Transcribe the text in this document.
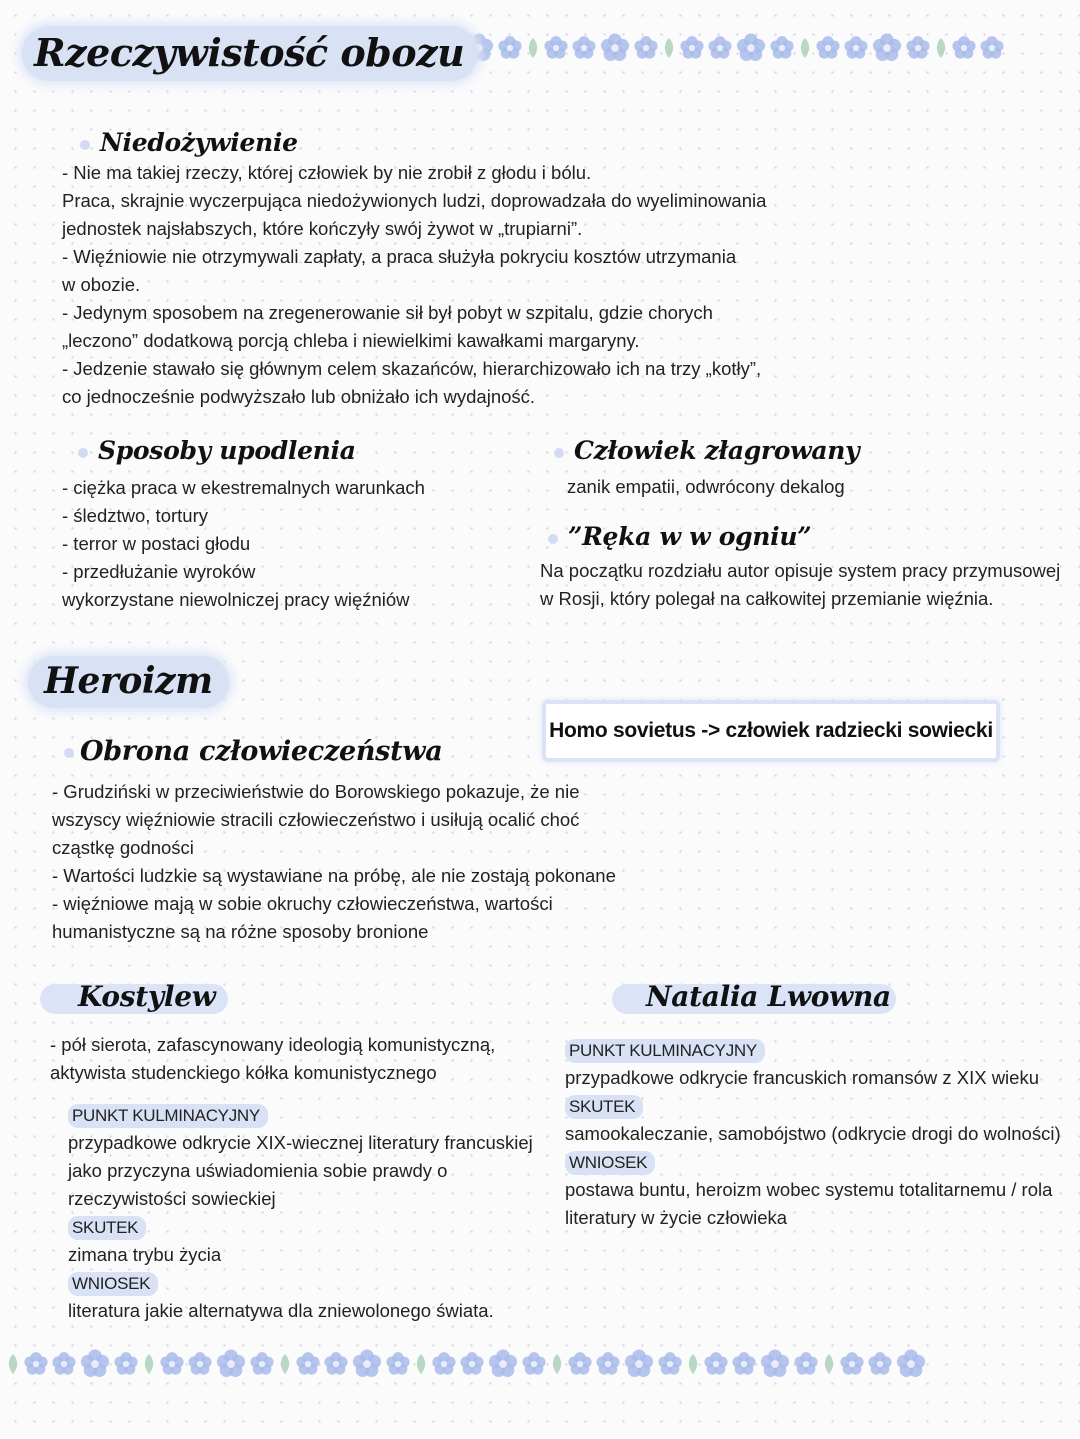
Rzeczywistość obozu
Niedożywienie
- Nie ma takiej rzeczy, której człowiek by nie zrobił z głodu i bólu.
Praca, skrajnie wyczerpująca niedożywionych ludzi, doprowadzała do wyeliminowania
jednostek najsłabszych, które kończyły swój żywot w „trupiarni”.
- Więźniowie nie otrzymywali zapłaty, a praca służyła pokryciu kosztów utrzymania
w obozie.
- Jedynym sposobem na zregenerowanie sił był pobyt w szpitalu, gdzie chorych
„leczono” dodatkową porcją chleba i niewielkimi kawałkami margaryny.
- Jedzenie stawało się głównym celem skazańców, hierarchizowało ich na trzy „kotły”,
co jednocześnie podwyższało lub obniżało ich wydajność.
Sposoby upodlenia
- ciężka praca w ekestremalnych warunkach
- śledztwo, tortury
- terror w postaci głodu
- przedłużanie wyroków
wykorzystane niewolniczej pracy więźniów
Człowiek złagrowany
zanik empatii, odwrócony dekalog
”Ręka w w ogniu”
Na początku rozdziału autor opisuje system pracy przymusowej
w Rosji, który polegał na całkowitej przemianie więźnia.
Heroizm
Homo sovietus -> człowiek radziecki sowiecki
Obrona człowieczeństwa
- Grudziński w przeciwieństwie do Borowskiego pokazuje, że nie
wszyscy więźniowie stracili człowieczeństwo i usiłują ocalić choć
cząstkę godności
- Wartości ludzkie są wystawiane na próbę, ale nie zostają pokonane
- więźniowe mają w sobie okruchy człowieczeństwa, wartości
humanistyczne są na różne sposoby bronione
Kostylew
- pół sierota, zafascynowany ideologią komunistyczną,
aktywista studenckiego kółka komunistycznego
PUNKT KULMINACYJNY
przypadkowe odkrycie XIX-wiecznej literatury francuskiej
jako przyczyna uświadomienia sobie prawdy o
rzeczywistości sowieckiej
SKUTEK
zimana trybu życia
WNIOSEK
literatura jakie alternatywa dla zniewolonego świata.
Natalia Lwowna
PUNKT KULMINACYJNY
przypadkowe odkrycie francuskich romansów z XIX wieku
SKUTEK
samookaleczanie, samobójstwo (odkrycie drogi do wolności)
WNIOSEK
postawa buntu, heroizm wobec systemu totalitarnemu / rola
literatury w życie człowieka
